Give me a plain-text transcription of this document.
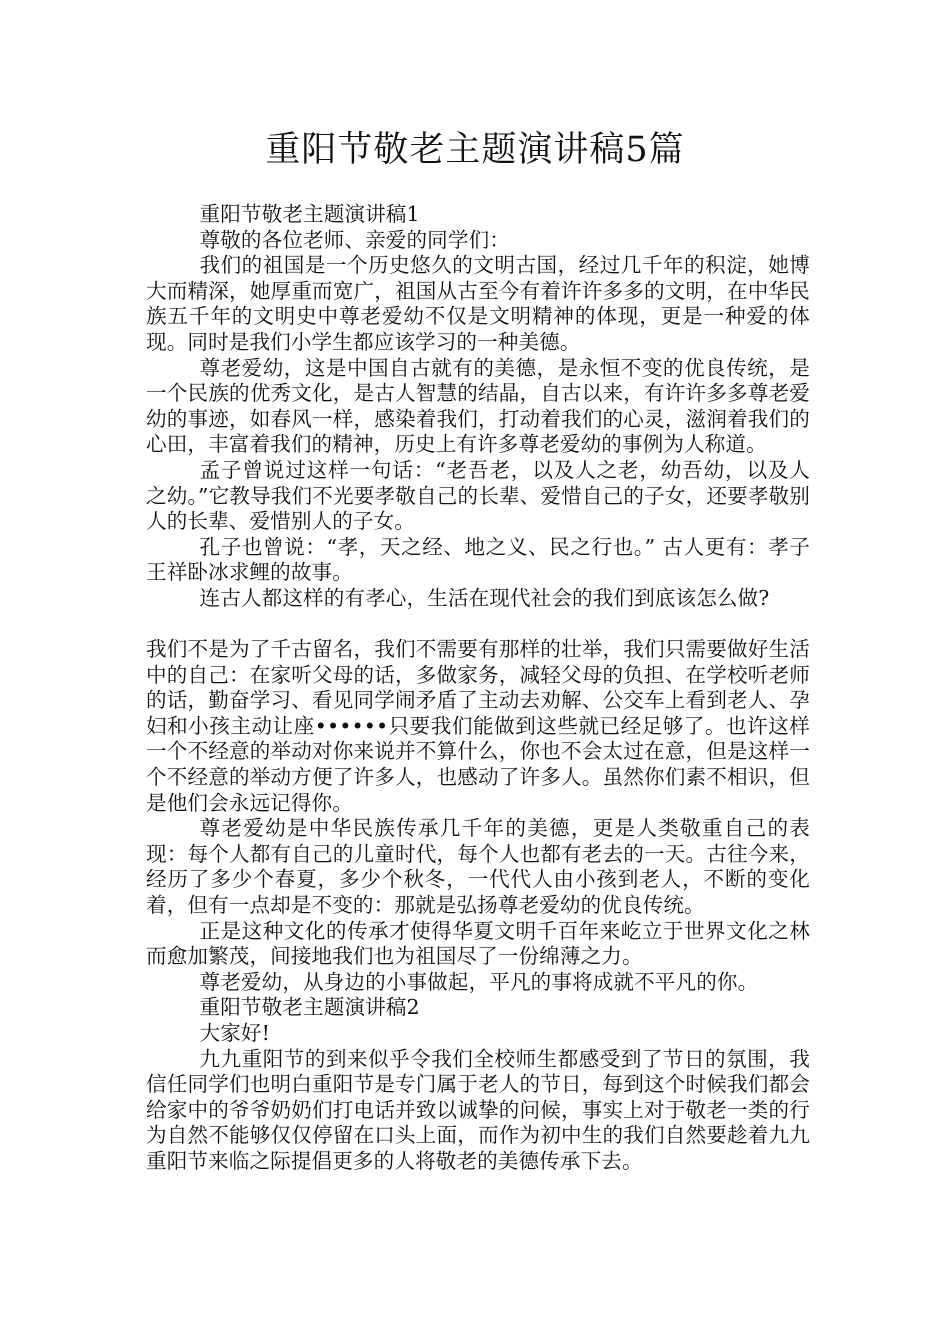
重阳节敬老主题演讲稿5篇

重阳节敬老主题演讲稿1

尊敬的各位老师、亲爱的同学们：

我们的祖国是一个历史悠久的文明古国，经过几千年的积淀，她博大而精深，她厚重而宽广，祖国从古至今有着许许多多的文明，在中华民族五千年的文明史中尊老爱幼不仅是文明精神的体现，更是一种爱的体现。同时是我们小学生都应该学习的一种美德。

尊老爱幼，这是中国自古就有的美德，是永恒不变的优良传统，是一个民族的优秀文化，是古人智慧的结晶，自古以来，有许许多多尊老爱幼的事迹，如春风一样，感染着我们，打动着我们的心灵，滋润着我们的心田，丰富着我们的精神，历史上有许多尊老爱幼的事例为人称道。

孟子曾说过这样一句话：“老吾老，以及人之老，幼吾幼，以及人之幼。”它教导我们不光要孝敬自己的长辈、爱惜自己的子女，还要孝敬别人的长辈、爱惜别人的子女。

孔子也曾说：“孝，天之经、地之义、民之行也。” 古人更有：孝子王祥卧冰求鲤的故事。

连古人都这样的有孝心，生活在现代社会的我们到底该怎么做?

我们不是为了千古留名，我们不需要有那样的壮举，我们只需要做好生活中的自己：在家听父母的话，多做家务，减轻父母的负担、在学校听老师的话，勤奋学习、看见同学闹矛盾了主动去劝解、公交车上看到老人、孕妇和小孩主动让座••••••只要我们能做到这些就已经足够了。也许这样一个不经意的举动对你来说并不算什么，你也不会太过在意，但是这样一个不经意的举动方便了许多人，也感动了许多人。虽然你们素不相识，但是他们会永远记得你。

尊老爱幼是中华民族传承几千年的美德，更是人类敬重自己的表现：每个人都有自己的儿童时代，每个人也都有老去的一天。古往今来，经历了多少个春夏，多少个秋冬，一代代人由小孩到老人，不断的变化着，但有一点却是不变的：那就是弘扬尊老爱幼的优良传统。

正是这种文化的传承才使得华夏文明千百年来屹立于世界文化之林而愈加繁茂，间接地我们也为祖国尽了一份绵薄之力。

尊老爱幼，从身边的小事做起，平凡的事将成就不平凡的你。

重阳节敬老主题演讲稿2

大家好!

九九重阳节的到来似乎令我们全校师生都感受到了节日的氛围，我信任同学们也明白重阳节是专门属于老人的节日，每到这个时候我们都会给家中的爷爷奶奶们打电话并致以诚挚的问候，事实上对于敬老一类的行为自然不能够仅仅停留在口头上面，而作为初中生的我们自然要趁着九九重阳节来临之际提倡更多的人将敬老的美德传承下去。
